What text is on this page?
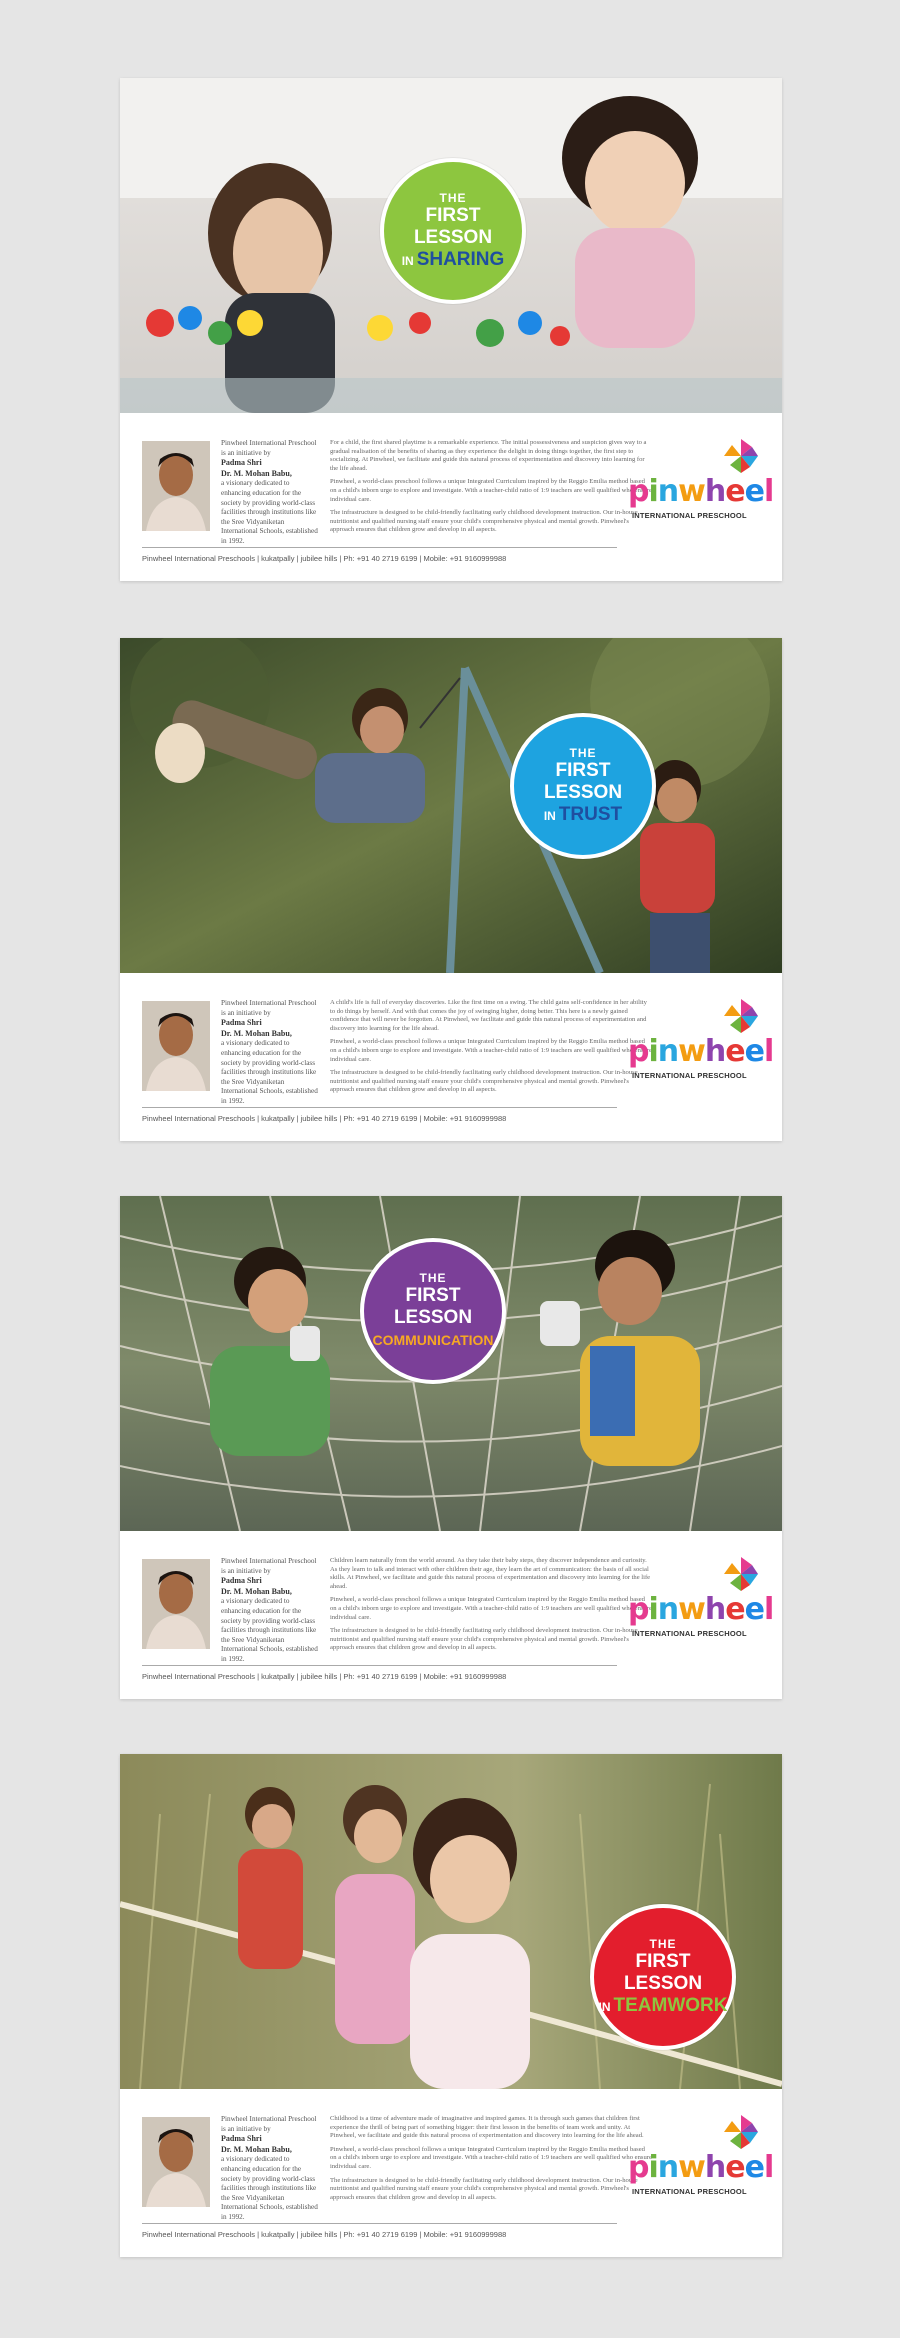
THE
FIRST LESSON
IN SHARING
Pinwheel International Preschool
is an initiative by
Padma Shri
Dr. M. Mohan Babu,
a visionary dedicated to enhancing education for the society by providing world-class facilities through institutions like the Sree Vidyaniketan International Schools, established in 1992.

For a child, the first shared playtime is a remarkable experience. The initial possessiveness and suspicion gives way to a gradual realisation of the benefits of sharing as they experience the delight in doing things together, the first step to socializing. At Pinwheel, we facilitate and guide this natural process of experimentation and discovery into learning for the life ahead.

Pinwheel, a world-class preschool follows a unique Integrated Curriculum inspired by the Reggio Emilia method based on a child's inborn urge to explore and investigate. With a teacher-child ratio of 1:9 teachers are well qualified who ensure individual care.

The infrastructure is designed to be child-friendly facilitating early childhood development instruction. Our in-house nutritionist and qualified nursing staff ensure your child's comprehensive physical and mental growth. Pinwheel's approach ensures that children grow and develop in all aspects.

Pinwheel International Preschools | kukatpally | jubilee hills | Ph: +91 40 2719 6199 | Mobile: +91 9160999988
pinwheel
INTERNATIONAL PRESCHOOL
THE
FIRST LESSON
IN TRUST
Pinwheel International Preschool
is an initiative by
Padma Shri
Dr. M. Mohan Babu,
a visionary dedicated to enhancing education for the society by providing world-class facilities through institutions like the Sree Vidyaniketan International Schools, established in 1992.

A child's life is full of everyday discoveries. Like the first time on a swing. The child gains self-confidence in her ability to do things by herself. And with that comes the joy of swinging higher, doing better. This here is a newly gained confidence that will never be forgotten. At Pinwheel, we facilitate and guide this natural process of experimentation and discovery into learning for the life ahead.

Pinwheel, a world-class preschool follows a unique Integrated Curriculum inspired by the Reggio Emilia method based on a child's inborn urge to explore and investigate. With a teacher-child ratio of 1:9 teachers are well qualified who ensure individual care.

The infrastructure is designed to be child-friendly facilitating early childhood development instruction. Our in-house nutritionist and qualified nursing staff ensure your child's comprehensive physical and mental growth. Pinwheel's approach ensures that children grow and develop in all aspects.

Pinwheel International Preschools | kukatpally | jubilee hills | Ph: +91 40 2719 6199 | Mobile: +91 9160999988
pinwheel
INTERNATIONAL PRESCHOOL
THE
FIRST LESSON
COMMUNICATION
Pinwheel International Preschool
is an initiative by
Padma Shri
Dr. M. Mohan Babu,
a visionary dedicated to enhancing education for the society by providing world-class facilities through institutions like the Sree Vidyaniketan International Schools, established in 1992.

Children learn naturally from the world around. As they take their baby steps, they discover independence and curiosity. As they learn to talk and interact with other children their age, they learn the art of communication: the basis of all social skills. At Pinwheel, we facilitate and guide this natural process of experimentation and discovery into learning for the life ahead.

Pinwheel, a world-class preschool follows a unique Integrated Curriculum inspired by the Reggio Emilia method based on a child's inborn urge to explore and investigate. With a teacher-child ratio of 1:9 teachers are well qualified who ensure individual care.

The infrastructure is designed to be child-friendly facilitating early childhood development instruction. Our in-house nutritionist and qualified nursing staff ensure your child's comprehensive physical and mental growth. Pinwheel's approach ensures that children grow and develop in all aspects.

Pinwheel International Preschools | kukatpally | jubilee hills | Ph: +91 40 2719 6199 | Mobile: +91 9160999988
pinwheel
INTERNATIONAL PRESCHOOL
THE
FIRST LESSON
IN TEAMWORK
Pinwheel International Preschool
is an initiative by
Padma Shri
Dr. M. Mohan Babu,
a visionary dedicated to enhancing education for the society by providing world-class facilities through institutions like the Sree Vidyaniketan International Schools, established in 1992.

Childhood is a time of adventure made of imaginative and inspired games. It is through such games that children first experience the thrill of being part of something bigger: their first lesson in the benefits of team work and unity. At Pinwheel, we facilitate and guide this natural process of experimentation and discovery into learning for the life ahead.

Pinwheel, a world-class preschool follows a unique Integrated Curriculum inspired by the Reggio Emilia method based on a child's inborn urge to explore and investigate. With a teacher-child ratio of 1:9 teachers are well qualified who ensure individual care.

The infrastructure is designed to be child-friendly facilitating early childhood development instruction. Our in-house nutritionist and qualified nursing staff ensure your child's comprehensive physical and mental growth. Pinwheel's approach ensures that children grow and develop in all aspects.

Pinwheel International Preschools | kukatpally | jubilee hills | Ph: +91 40 2719 6199 | Mobile: +91 9160999988
pinwheel
INTERNATIONAL PRESCHOOL
